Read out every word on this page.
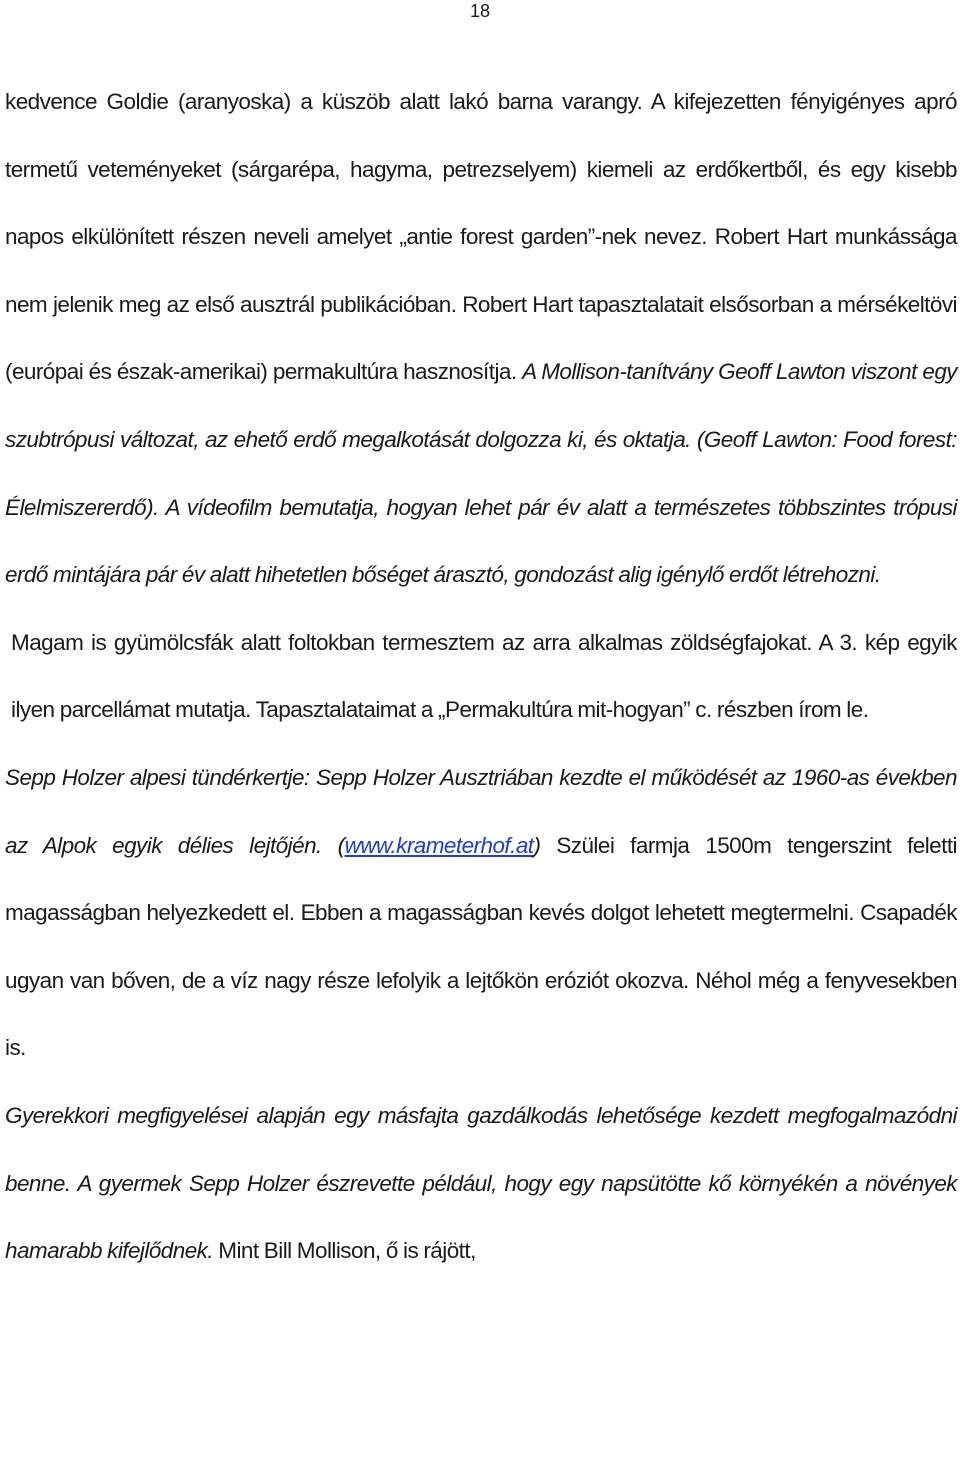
18

kedvence Goldie (aranyoska) a küszöb alatt lakó barna varangy. A kifejezetten fényigényes apró termetű veteményeket (sárgarépa, hagyma, petrezselyem) kiemeli az erdőkertből, és egy kisebb napos elkülönített részen neveli amelyet „antie forest garden”-nek nevez. Robert Hart munkássága nem jelenik meg az első ausztrál publikációban. Robert Hart tapasztalatait elsősorban a mérsékeltövi (európai és észak-amerikai) permakultúra hasznosítja. A Mollison-tanítvány Geoff Lawton viszont egy szubtrópusi változat, az ehető erdő megalkotását dolgozza ki, és oktatja. (Geoff Lawton: Food forest: Élelmiszererdő). A vídeofilm bemutatja, hogyan lehet pár év alatt a természetes többszintes trópusi erdő mintájára pár év alatt hihetetlen bőséget árasztó, gondozást alig igénylő erdőt létrehozni.

Magam is gyümölcsfák alatt foltokban termesztem az arra alkalmas zöldségfajokat. A 3. kép egyik ilyen parcellámat mutatja. Tapasztalataimat a „Permakultúra mit-hogyan” c. részben írom le.

Sepp Holzer alpesi tündérkertje: Sepp Holzer Ausztriában kezdte el működését az 1960-as években az Alpok egyik délies lejtőjén. (www.krameterhof.at) Szülei farmja 1500m tengerszint feletti magasságban helyezkedett el. Ebben a magasságban kevés dolgot lehetett megtermelni. Csapadék ugyan van bőven, de a víz nagy része lefolyik a lejtőkön eróziót okozva. Néhol még a fenyvesekben is.

Gyerekkori megfigyelései alapján egy másfajta gazdálkodás lehetősége kezdett megfogalmazódni benne. A gyermek Sepp Holzer észrevette például, hogy egy napsütötte kő környékén a növények hamarabb kifejlődnek. Mint Bill Mollison, ő is rájött,
